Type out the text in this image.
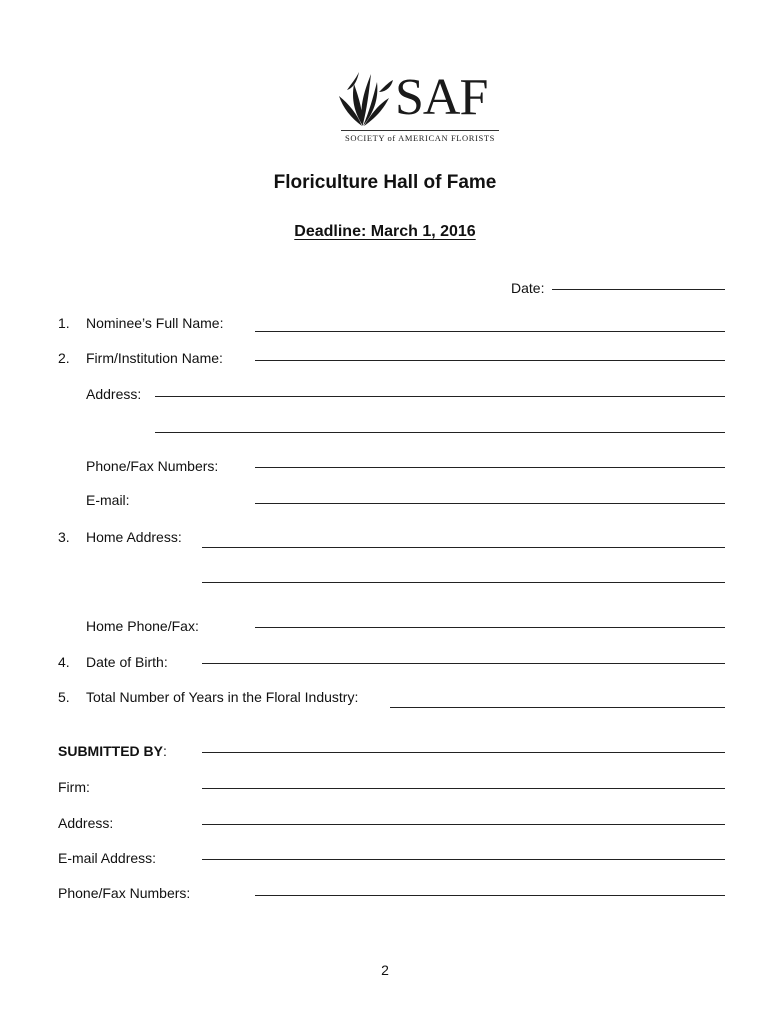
SAF
SOCIETY of AMERICAN FLORISTS
Floriculture Hall of Fame
Deadline: March 1, 2016
Date:
1. Nominee’s Full Name:
2. Firm/Institution Name:
Address:
Phone/Fax Numbers:
E-mail:
3. Home Address:
Home Phone/Fax:
4. Date of Birth:
5. Total Number of Years in the Floral Industry:
SUBMITTED BY:
Firm:
Address:
E-mail Address:
Phone/Fax Numbers:
2
